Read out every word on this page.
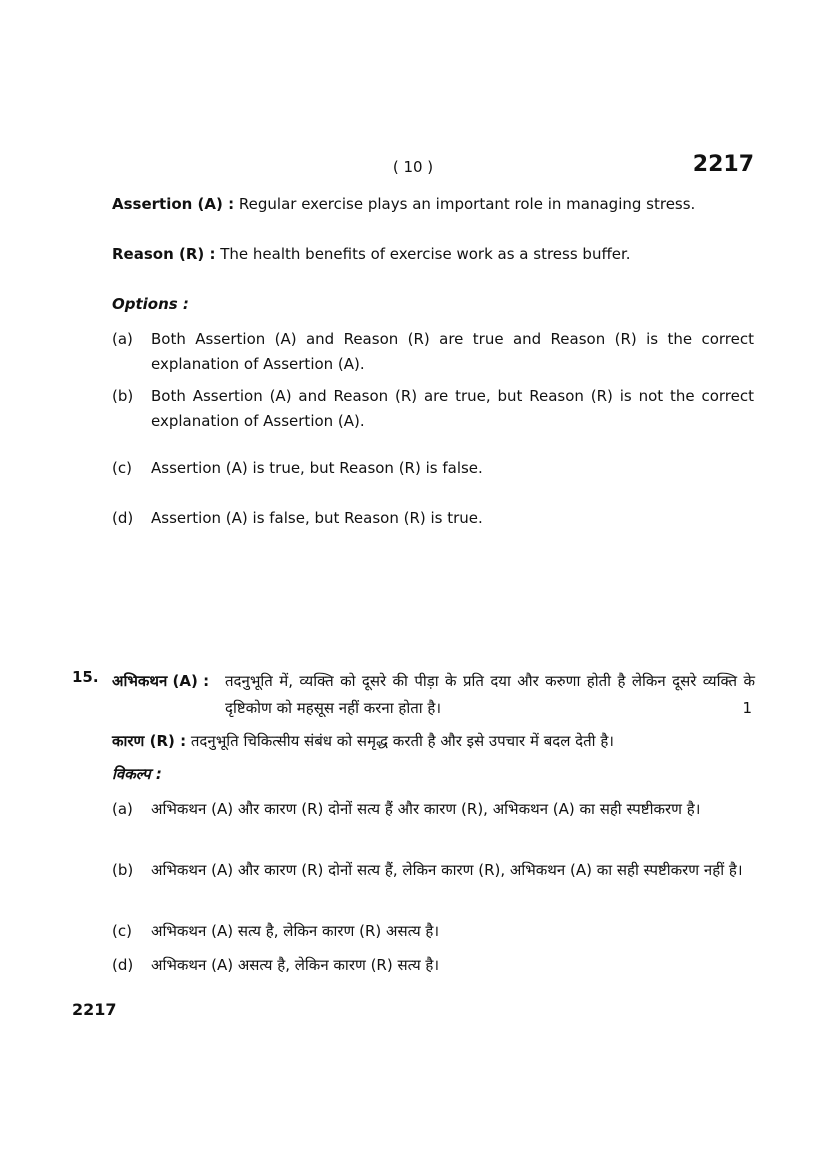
( 10 )	2217
Assertion (A) : Regular exercise plays an important role in managing stress.
Reason (R) : The health benefits of exercise work as a stress buffer.
Options :
(a) Both Assertion (A) and Reason (R) are true and Reason (R) is the correct explanation of Assertion (A).
(b) Both Assertion (A) and Reason (R) are true, but Reason (R) is not the correct explanation of Assertion (A).
(c) Assertion (A) is true, but Reason (R) is false.
(d) Assertion (A) is false, but Reason (R) is true.
15. अभिकथन (A) : तदनुभूति में, व्यक्ति को दूसरे की पीड़ा के प्रति दया और करुणा होती है लेकिन दूसरे व्यक्ति के दृष्टिकोण को महसूस नहीं करना होता है।	1
कारण (R) : तदनुभूति चिकित्सीय संबंध को समृद्ध करती है और इसे उपचार में बदल देती है।
विकल्प :
(a) अभिकथन (A) और कारण (R) दोनों सत्य हैं और कारण (R), अभिकथन (A) का सही स्पष्टीकरण है।
(b) अभिकथन (A) और कारण (R) दोनों सत्य हैं, लेकिन कारण (R), अभिकथन (A) का सही स्पष्टीकरण नहीं है।
(c) अभिकथन (A) सत्य है, लेकिन कारण (R) असत्य है।
(d) अभिकथन (A) असत्य है, लेकिन कारण (R) सत्य है।
2217
